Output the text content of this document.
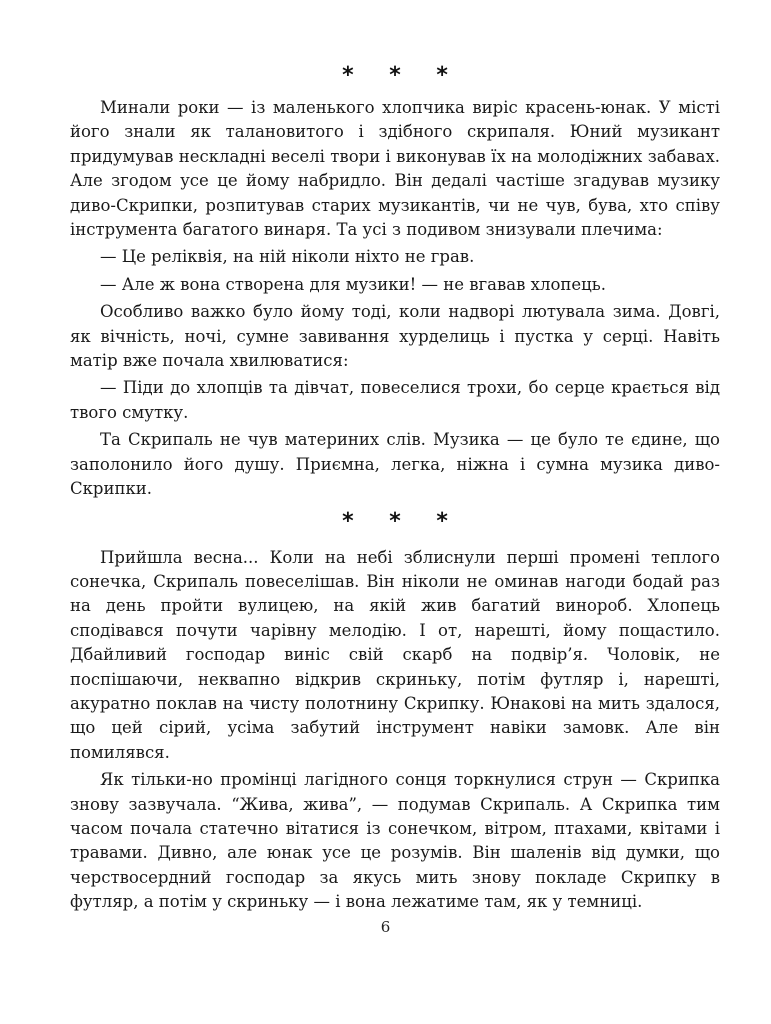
* * *

Минали роки — із маленького хлопчика виріс красень-юнак. У місті його знали як талановитого і здібного скрипаля. Юний музикант придумував нескладні веселі твори і виконував їх на молодіжних забавах. Але згодом усе це йому набридло. Він дедалі частіше згадував музику диво-Скрипки, розпитував старих музикантів, чи не чув, бува, хто співу інструмента багатого винаря. Та усі з подивом знизували плечима:

— Це реліквія, на ній ніколи ніхто не грав.

— Але ж вона створена для музики! — не вгавав хлопець.

Особливо важко було йому тоді, коли надворі лютувала зима. Довгі, як вічність, ночі, сумне завивання хурделиць і пустка у серці. Навіть матір вже почала хвилюватися:

— Піди до хлопців та дівчат, повеселися трохи, бо серце крається від твого смутку.

Та Скрипаль не чув материних слів. Музика — це було те єдине, що заполонило його душу. Приємна, легка, ніжна і сумна музика диво-Скрипки.

* * *

Прийшла весна... Коли на небі зблиснули перші промені теплого сонечка, Скрипаль повеселішав. Він ніколи не оминав нагоди бодай раз на день пройти вулицею, на якій жив багатий винороб. Хлопець сподівався почути чарівну мелодію. І от, нарешті, йому пощастило. Дбайливий господар виніс свій скарб на подвір’я. Чоловік, не поспішаючи, неквапно відкрив скриньку, потім футляр і, нарешті, акуратно поклав на чисту полотнину Скрипку. Юнакові на мить здалося, що цей сірий, усіма забутий інструмент навіки замовк. Але він помилявся.

Як тільки-но промінці лагідного сонця торкнулися струн — Скрипка знову зазвучала. “Жива, жива”, — подумав Скрипаль. А Скрипка тим часом почала статечно вітатися із сонечком, вітром, птахами, квітами і травами. Дивно, але юнак усе це розумів. Він шаленів від думки, що черствосердний господар за якусь мить знову покладе Скрипку в футляр, а потім у скриньку — і вона лежатиме там, як у темниці.

6
